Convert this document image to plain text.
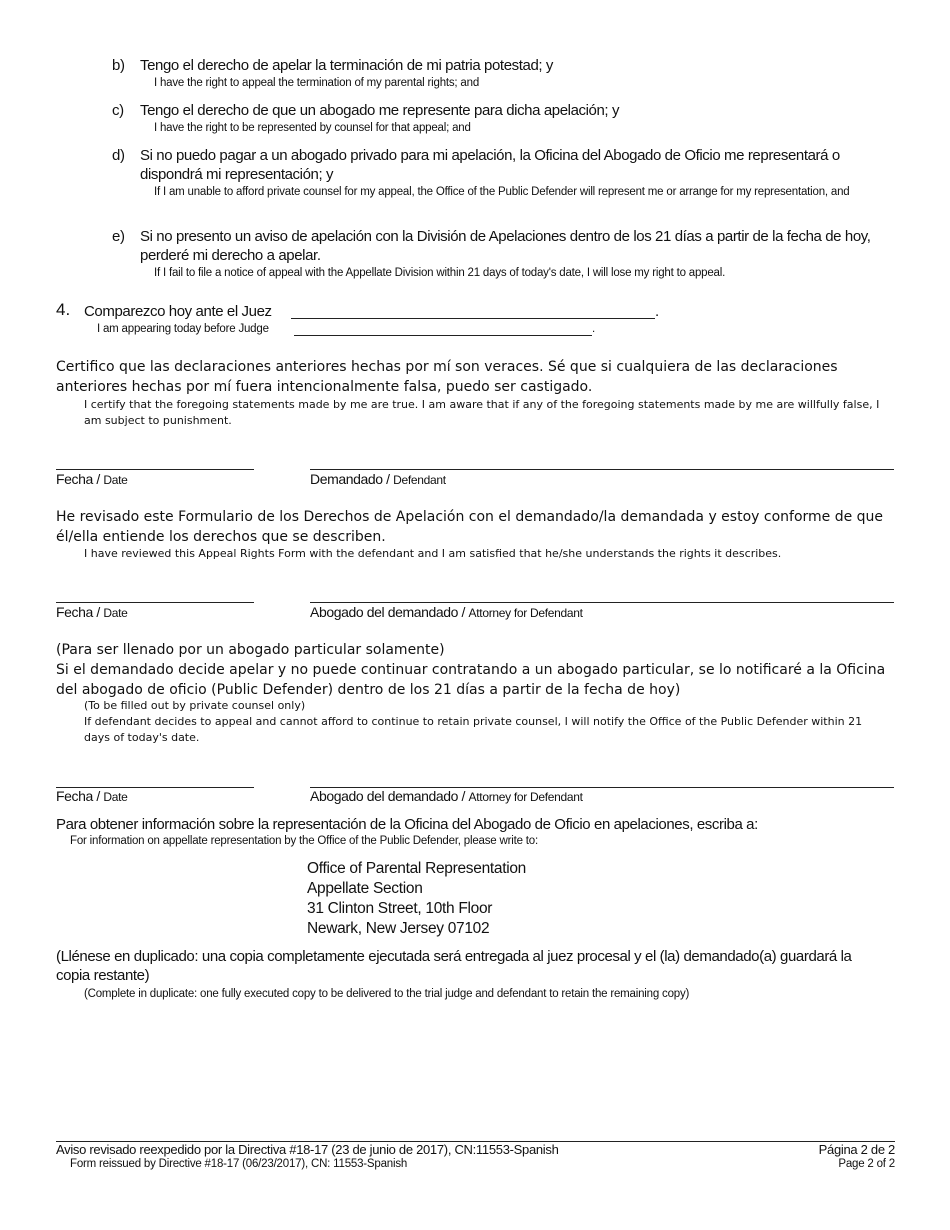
b)	Tengo el derecho de apelar la terminación de mi patria potestad; y
I have the right to appeal the termination of my parental rights; and
c)	Tengo el derecho de que un abogado me represente para dicha apelación; y
I have the right to be represented by counsel for that appeal; and
d)	Si no puedo pagar a un abogado privado para mi apelación, la Oficina del Abogado de Oficio me representará o dispondrá mi representación; y
If I am unable to afford private counsel for my appeal, the Office of the Public Defender will represent me or arrange for my representation, and
e)	Si no presento un aviso de apelación con la División de Apelaciones dentro de los 21 días a partir de la fecha de hoy, perderé mi derecho a apelar.
If I fail to file a notice of appeal with the Appellate Division within 21 days of today's date, I will lose my right to appeal.
4. Comparezco hoy ante el Juez	.
I am appearing today before Judge	.
Certifico que las declaraciones anteriores hechas por mí son veraces. Sé que si cualquiera de las declaraciones anteriores hechas por mí fuera intencionalmente falsa, puedo ser castigado.
I certify that the foregoing statements made by me are true. I am aware that if any of the foregoing statements made by me are willfully false, I am subject to punishment.
Fecha / Date	Demandado / Defendant
He revisado este Formulario de los Derechos de Apelación con el demandado/la demandada y estoy conforme de que él/ella entiende los derechos que se describen.
I have reviewed this Appeal Rights Form with the defendant and I am satisfied that he/she understands the rights it describes.
Fecha / Date	Abogado del demandado / Attorney for Defendant
(Para ser llenado por un abogado particular solamente)
Si el demandado decide apelar y no puede continuar contratando a un abogado particular, se lo notificaré a la Oficina del abogado de oficio (Public Defender) dentro de los 21 días a partir de la fecha de hoy)
(To be filled out by private counsel only)
If defendant decides to appeal and cannot afford to continue to retain private counsel, I will notify the Office of the Public Defender within 21 days of today's date.
Fecha / Date	Abogado del demandado / Attorney for Defendant
Para obtener información sobre la representación de la Oficina del Abogado de Oficio en apelaciones, escriba a:
For information on appellate representation by the Office of the Public Defender, please write to:
Office of Parental Representation
Appellate Section
31 Clinton Street, 10th Floor
Newark, New Jersey 07102
(Llénese en duplicado: una copia completamente ejecutada será entregada al juez procesal y el (la) demandado(a) guardará la copia restante)
(Complete in duplicate: one fully executed copy to be delivered to the trial judge and defendant to retain the remaining copy)
Aviso revisado reexpedido por la Directiva #18-17 (23 de junio de 2017), CN:11553-Spanish
Form reissued by Directive #18-17 (06/23/2017), CN: 11553-Spanish
Página 2 de 2
Page 2 of 2
